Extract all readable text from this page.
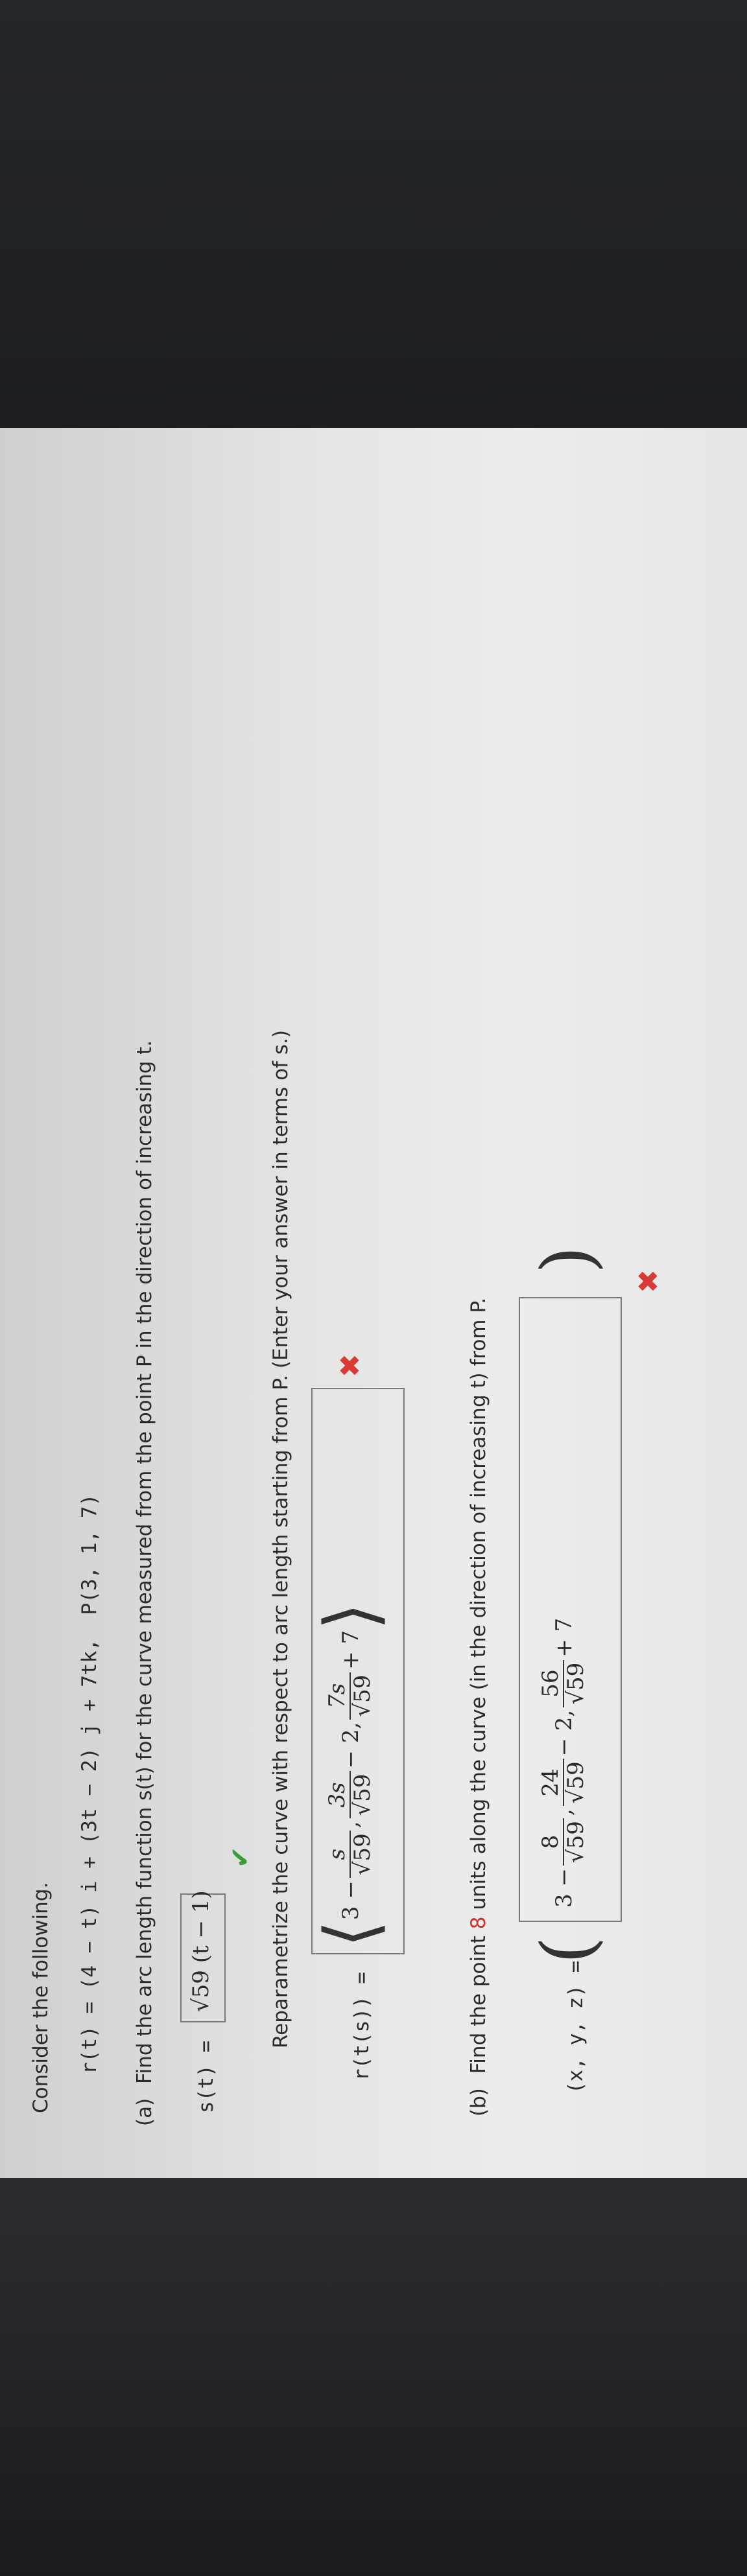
Consider the following. r(t) = (4 − t) i + (3t − 2) j + 7tk, P(3, 1, 7)
(a) Find the arc length function s(t) for the curve measured from the point P in the direction of increasing t. s(t) =
√59 (t − 1)
✔ Reparametrize the curve with respect to arc length starting from P. (Enter your answer in terms of s.)	r(t(s)) =
⟨
3 −
s
√59
,
3s
√59
− 2,
7s
√59
+ 7
⟩
✖
(b) Find the point 8 units along the curve (in the direction of increasing t) from P.
(x, y, z) =
(
3 −
8
√59
,
24
√59
− 2,
56
√59
+ 7
)
✖
